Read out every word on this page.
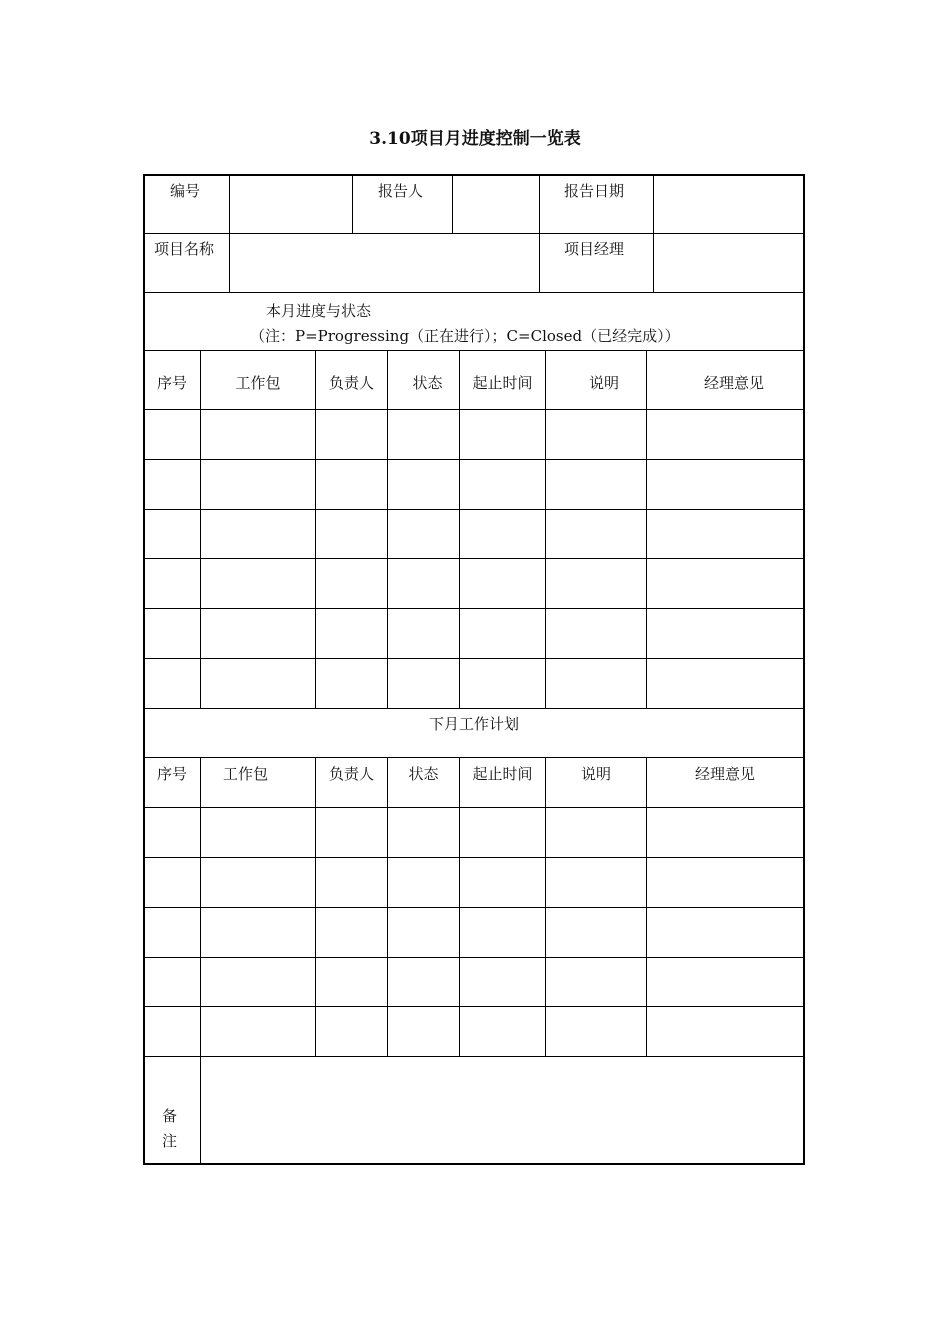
3.10项目月进度控制一览表
编号	报告人	报告日期
项目名称	项目经理
本月进度与状态
（注：P=Progressing（正在进行）；C=Closed（已经完成））
序号	工作包	负责人	状态	起止时间	说明	经理意见
下月工作计划
序号	工作包	负责人	状态	起止时间	说明	经理意见
备
注
